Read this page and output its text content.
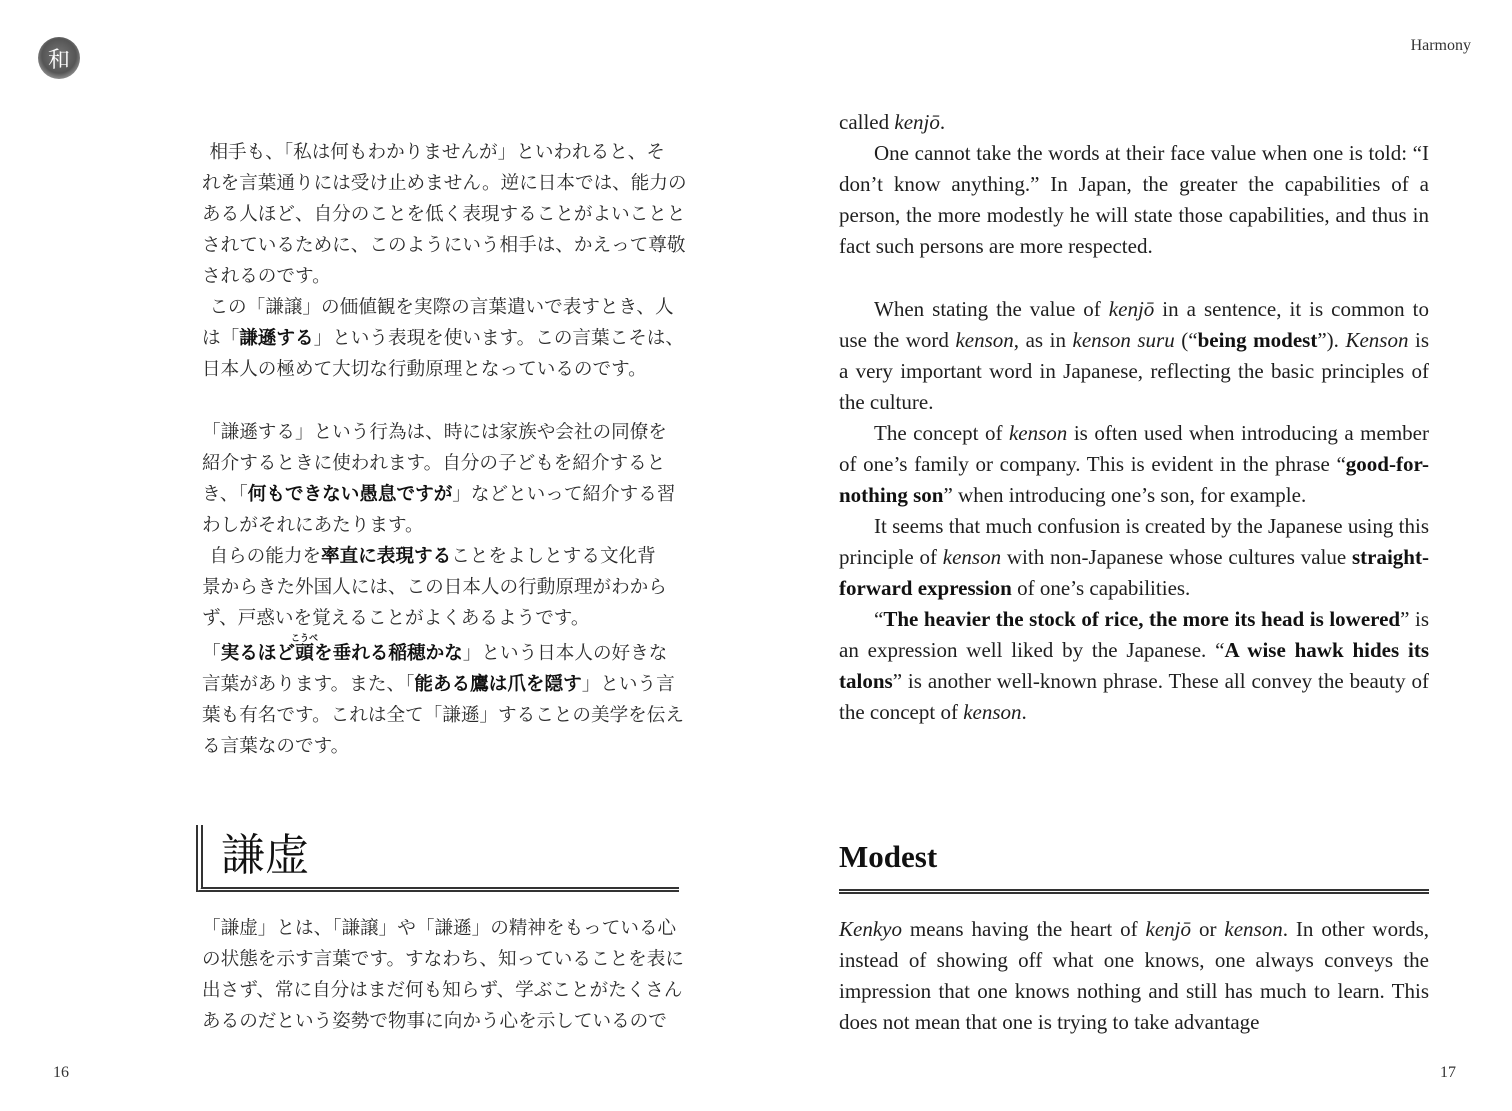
和
Harmony
16	17

相手も、「私は何もわかりませんが」といわれると、そ

れを言葉通りには受け止めません。逆に日本では、能力の

ある人ほど、自分のことを低く表現することがよいことと

されているために、このようにいう相手は、かえって尊敬

されるのです。

この「謙譲」の価値観を実際の言葉遣いで表すとき、人

は「謙遜する」という表現を使います。この言葉こそは、

日本人の極めて大切な行動原理となっているのです。

「謙遜する」という行為は、時には家族や会社の同僚を

紹介するときに使われます。自分の子どもを紹介すると

き、「何もできない愚息ですが」などといって紹介する習

わしがそれにあたります。

自らの能力を率直に表現することをよしとする文化背

景からきた外国人には、この日本人の行動原理がわから

ず、戸惑いを覚えることがよくあるようです。

「実るほど頭こうべを垂れる稲穂かな」という日本人の好きな

言葉があります。また、「能ある鷹は爪を隠す」という言

葉も有名です。これは全て「謙遜」することの美学を伝え

る言葉なのです。

謙虚

「謙虚」とは、「謙譲」や「謙遜」の精神をもっている心

の状態を示す言葉です。すなわち、知っていることを表に

出さず、常に自分はまだ何も知らず、学ぶことがたくさん

あるのだという姿勢で物事に向かう心を示しているので

called kenjō.

One cannot take the words at their face value when one is told: “I don’t know anything.” In Japan, the greater the capabilities of a person, the more modestly he will state those capabilities, and thus in fact such persons are more respected.

When stating the value of kenjō in a sentence, it is common to use the word kenson, as in kenson suru (“being modest”). Kenson is a very important word in Japanese, reflecting the basic principles of the culture.

The concept of kenson is often used when introducing a member of one’s family or company. This is evident in the phrase “good-for-nothing son” when introducing one’s son, for example.

It seems that much confusion is created by the Japanese using this principle of kenson with non-Japanese whose cultures value straight-forward expression of one’s capabilities.

“The heavier the stock of rice, the more its head is lowered” is an expression well liked by the Japanese. “A wise hawk hides its talons” is another well-known phrase. These all convey the beauty of the concept of kenson.

Modest

Kenkyo means having the heart of kenjō or kenson. In other words, instead of showing off what one knows, one always conveys the impression that one knows nothing and still has much to learn. This does not mean that one is trying to take advantage
